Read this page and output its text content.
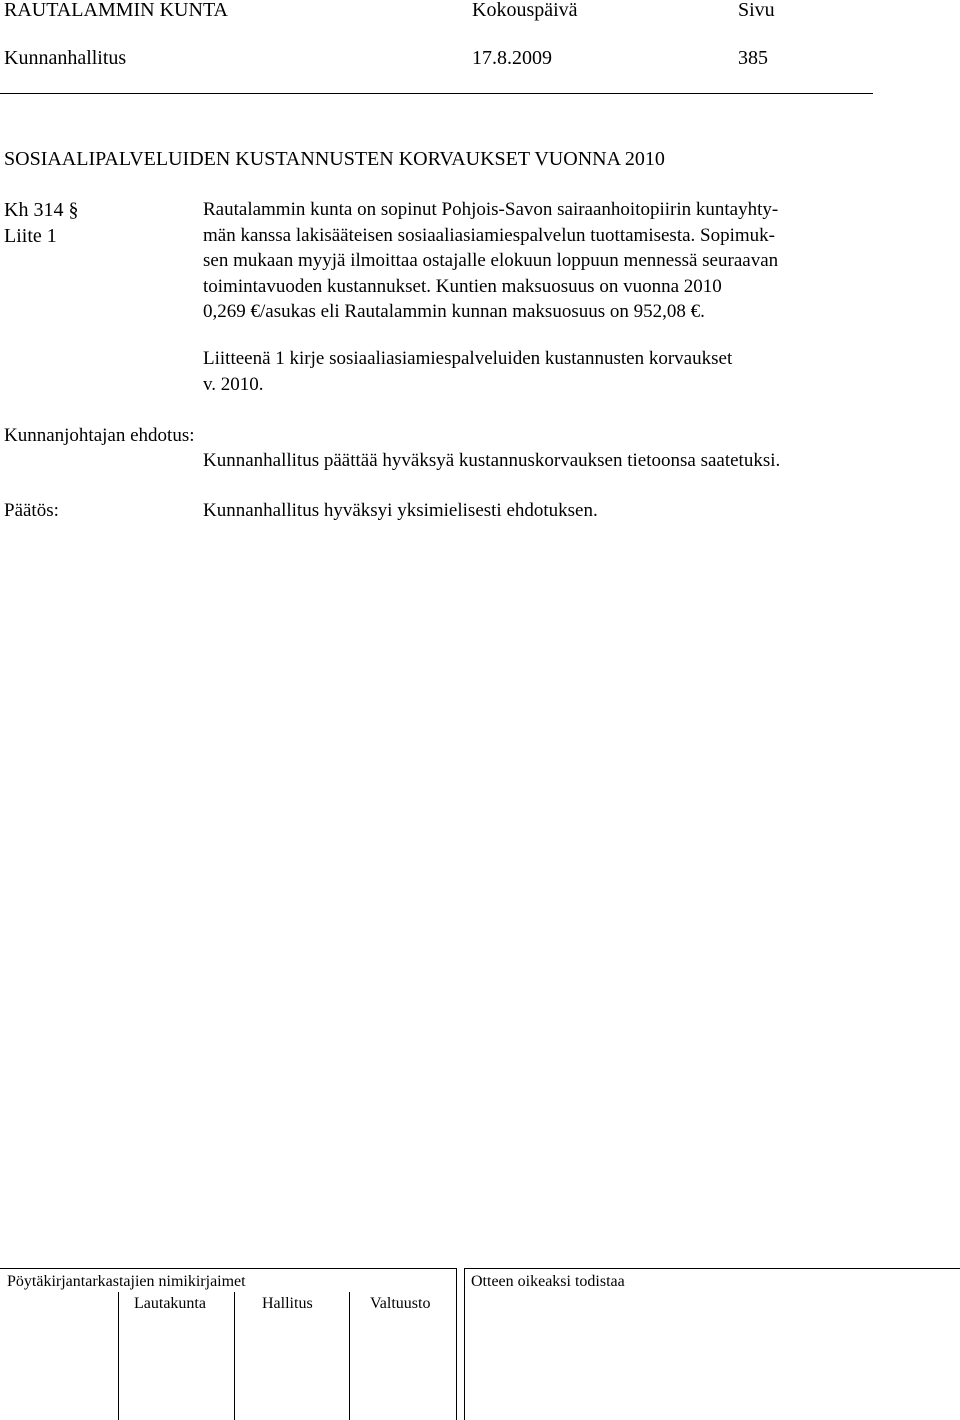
RAUTALAMMIN KUNTA	Kokouspäivä	Sivu
Kunnanhallitus	17.8.2009	385
SOSIAALIPALVELUIDEN KUSTANNUSTEN KORVAUKSET VUONNA 2010
Kh 314 §
Liite 1
Rautalammin kunta on sopinut Pohjois-Savon sairaanhoitopiirin kuntayhty-
män kanssa lakisääteisen sosiaaliasiamiespalvelun tuottamisesta. Sopimuk-
sen mukaan myyjä ilmoittaa ostajalle elokuun loppuun mennessä seuraavan
toimintavuoden kustannukset. Kuntien maksuosuus on vuonna 2010
0,269 €/asukas eli Rautalammin kunnan maksuosuus on 952,08 €.
Liitteenä 1 kirje sosiaaliasiamiespalveluiden kustannusten korvaukset
v. 2010.
Kunnanjohtajan ehdotus:
Kunnanhallitus päättää hyväksyä kustannuskorvauksen tietoonsa saatetuksi.
Päätös:	Kunnanhallitus hyväksyi yksimielisesti ehdotuksen.
Pöytäkirjantarkastajien nimikirjaimet
Lautakunta	Hallitus	Valtuusto
Otteen oikeaksi todistaa
